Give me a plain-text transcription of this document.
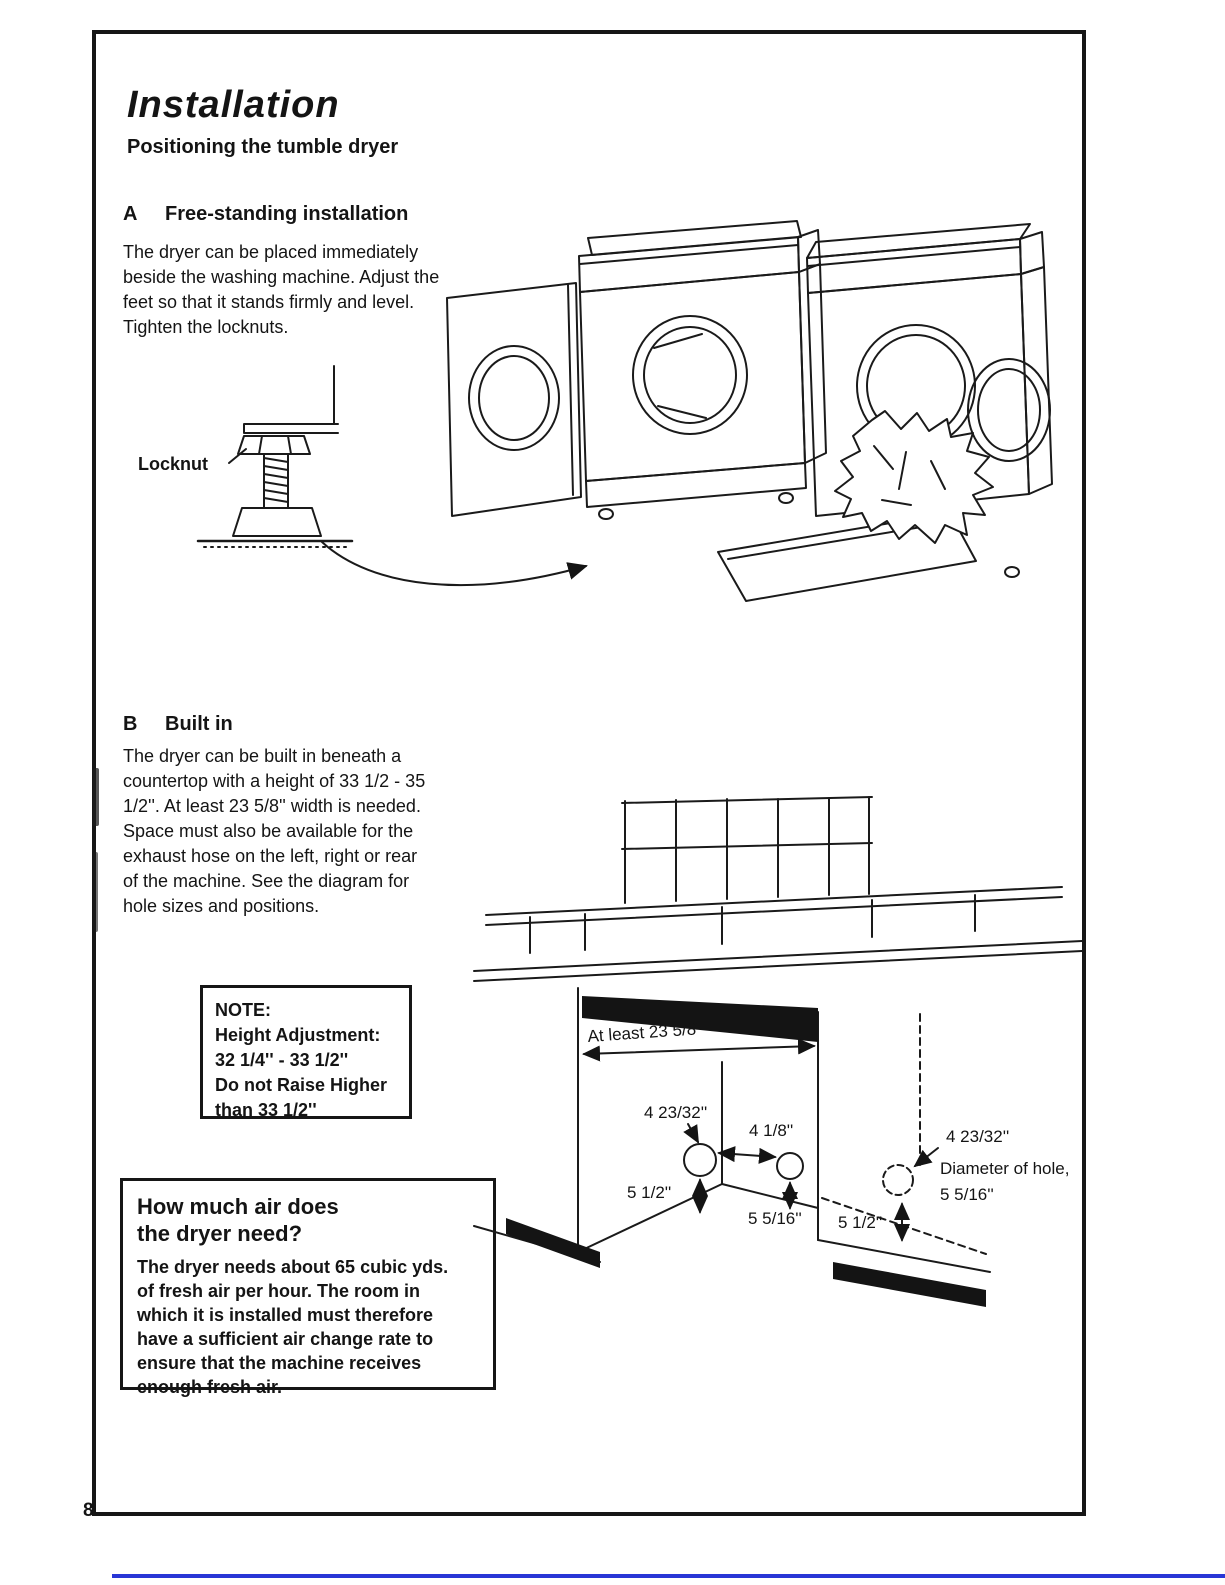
Installation
Positioning the tumble dryer
A Free-standing installation
The dryer can be placed immediately beside the washing machine. Adjust the feet so that it stands firmly and level. Tighten the locknuts.
Locknut
B Built in
The dryer can be built in beneath a countertop with a height of 33 1/2 - 35 1/2''. At least 23 5/8'' width is needed. Space must also be available for the exhaust hose on the left, right or rear of the machine. See the diagram for hole sizes and positions.
NOTE:
Height Adjustment:
32 1/4'' - 33 1/2''
Do not Raise Higher
than 33 1/2''
How much air does
the dryer need?
The dryer needs about 65 cubic yds. of fresh air per hour. The room in which it is installed must therefore have a sufficient air change rate to ensure that the machine receives enough fresh air.
At least 23 5/8''
4 23/32''
4 1/8''
5 1/2''
5 5/16'' 5 1/2''
4 23/32''
Diameter of hole,
5 5/16''
8
